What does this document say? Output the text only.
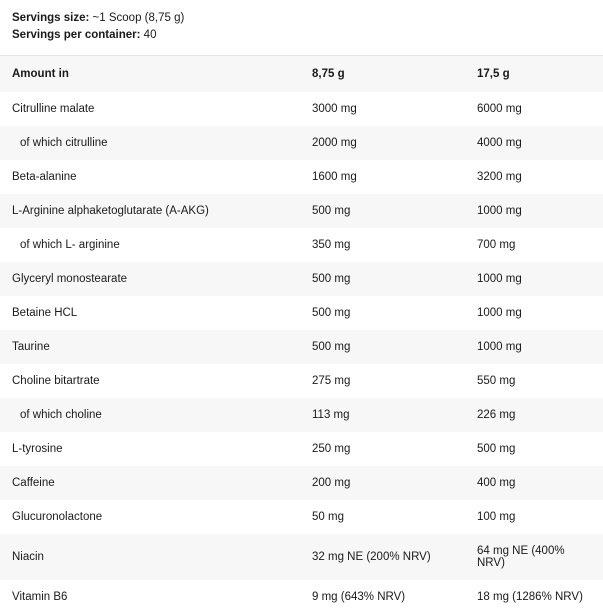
Servings size: ~1 Scoop (8,75 g)
Servings per container: 40
Amount in	8,75 g	17,5 g
Citrulline malate	3000 mg	6000 mg
of which citrulline	2000 mg	4000 mg
Beta-alanine	1600 mg	3200 mg
L-Arginine alphaketoglutarate (A-AKG)	500 mg	1000 mg
of which L- arginine	350 mg	700 mg
Glyceryl monostearate	500 mg	1000 mg
Betaine HCL	500 mg	1000 mg
Taurine	500 mg	1000 mg
Choline bitartrate	275 mg	550 mg
of which choline	113 mg	226 mg
L-tyrosine	250 mg	500 mg
Caffeine	200 mg	400 mg
Glucuronolactone	50 mg	100 mg
Niacin	32 mg NE (200% NRV)	64 mg NE (400% NRV)
Vitamin B6	9 mg (643% NRV)	18 mg (1286% NRV)
